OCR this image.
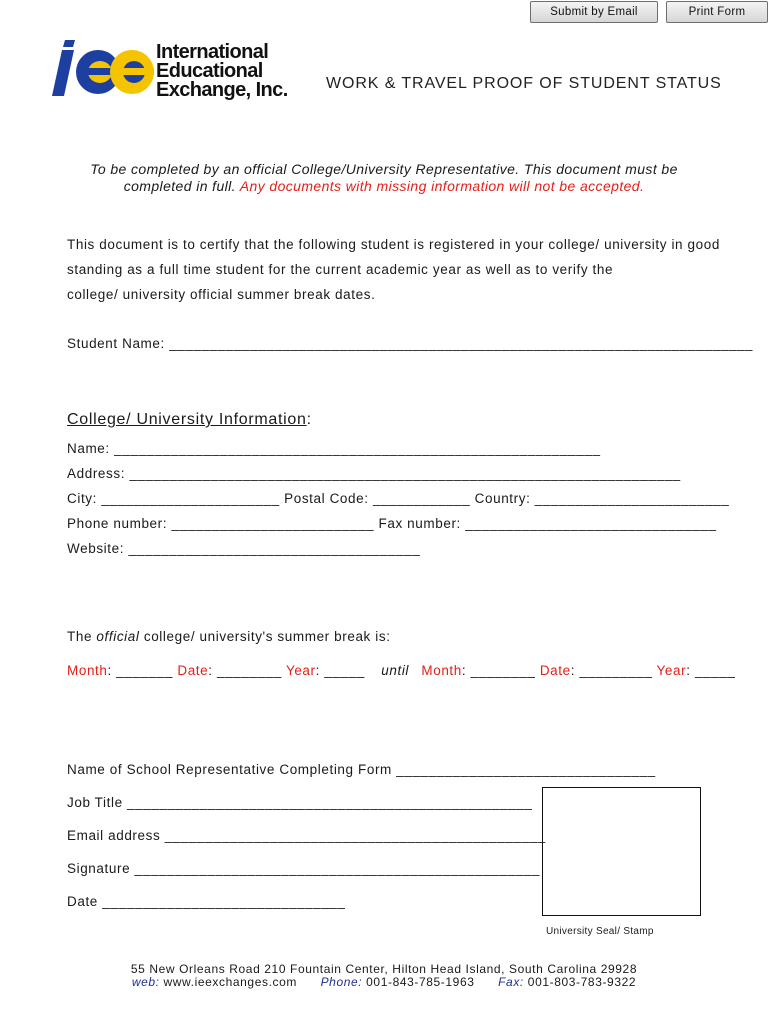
Submit by Email	Print Form
International
Educational
Exchange, Inc. WORK & TRAVEL PROOF OF STUDENT STATUS
To be completed by an official College/University Representative. This document must be completed in full. Any documents with missing information will not be accepted.
This document is to certify that the following student is registered in your college/ university in good
standing as a full time student for the current academic year as well as to verify the
college/ university official summer break dates.
Student Name: ________________________________________________________________________
College/ University Information:
Name: ____________________________________________________________
Address: ____________________________________________________________________
City: ______________________ Postal Code: ____________ Country: ________________________
Phone number: _________________________ Fax number: _______________________________
Website: ____________________________________
The official college/ university's summer break is:
Month: _______ Date: ________ Year: _____ until Month: ________ Date: _________ Year: _____
Name of School Representative Completing Form ________________________________
Job Title __________________________________________________
Email address _______________________________________________
Signature __________________________________________________
Date ______________________________
University Seal/ Stamp
55 New Orleans Road 210 Fountain Center, Hilton Head Island, South Carolina 29928
web: www.ieexchanges.com Phone: 001-843-785-1963 Fax: 001-803-783-9322
